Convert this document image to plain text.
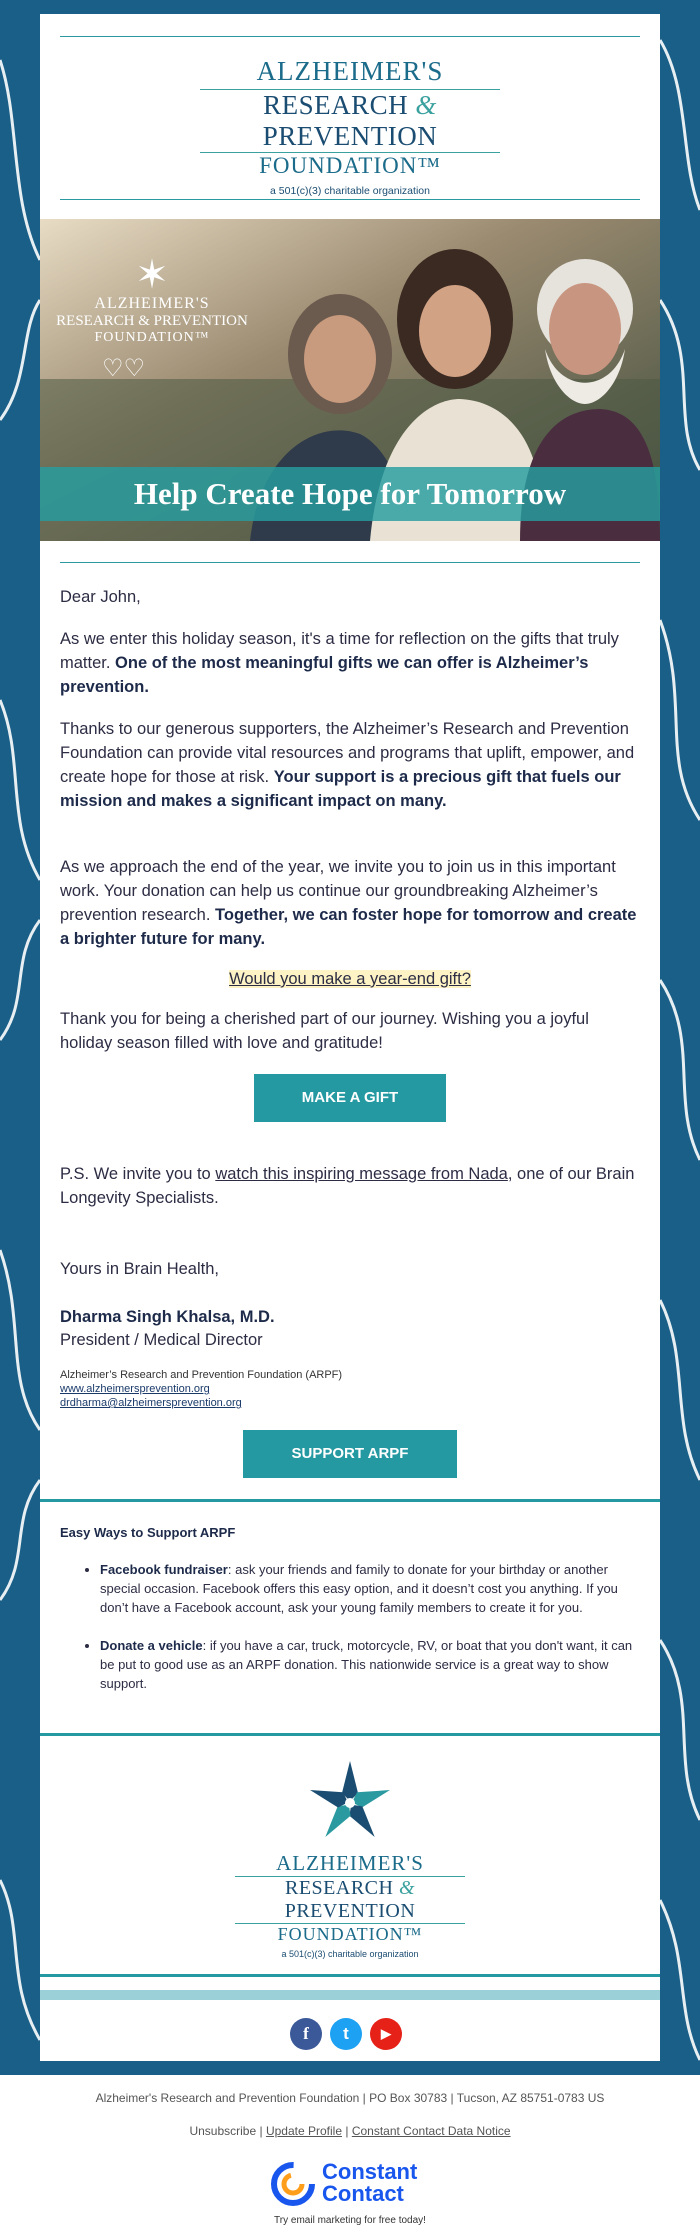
ALZHEIMER'S
RESEARCH & PREVENTION
FOUNDATION™
a 501(c)(3) charitable organization
✶
ALZHEIMER'S
RESEARCH & PREVENTION
FOUNDATION™
♡♡
Help Create Hope for Tomorrow
Dear John,
As we enter this holiday season, it's a time for reflection on the gifts that truly matter. One of the most meaningful gifts we can offer is Alzheimer’s prevention.
Thanks to our generous supporters, the Alzheimer’s Research and Prevention Foundation can provide vital resources and programs that uplift, empower, and create hope for those at risk. Your support is a precious gift that fuels our mission and makes a significant impact on many.
As we approach the end of the year, we invite you to join us in this important work. Your donation can help us continue our groundbreaking Alzheimer’s prevention research. Together, we can foster hope for tomorrow and create a brighter future for many.
Would you make a year-end gift?
Thank you for being a cherished part of our journey. Wishing you a joyful holiday season filled with love and gratitude!
MAKE A GIFT
P.S. We invite you to watch this inspiring message from Nada, one of our Brain Longevity Specialists.
Yours in Brain Health,
Dharma Singh Khalsa, M.D.
President / Medical Director
Alzheimer’s Research and Prevention Foundation (ARPF)
www.alzheimersprevention.org
drdharma@alzheimersprevention.org
SUPPORT ARPF
Easy Ways to Support ARPF
• Facebook fundraiser: ask your friends and family to donate for your birthday or another special occasion. Facebook offers this easy option, and it doesn’t cost you anything. If you don’t have a Facebook account, ask your young family members to create it for you.
• Donate a vehicle: if you have a car, truck, motorcycle, RV, or boat that you don't want, it can be put to good use as an ARPF donation. This nationwide service is a great way to show support.
ALZHEIMER'S
RESEARCH & PREVENTION
FOUNDATION™
a 501(c)(3) charitable organization
f	t	▶
Alzheimer's Research and Prevention Foundation | PO Box 30783 | Tucson, AZ 85751-0783 US
Unsubscribe | Update Profile | Constant Contact Data Notice
Constant
Contact
Try email marketing for free today!
